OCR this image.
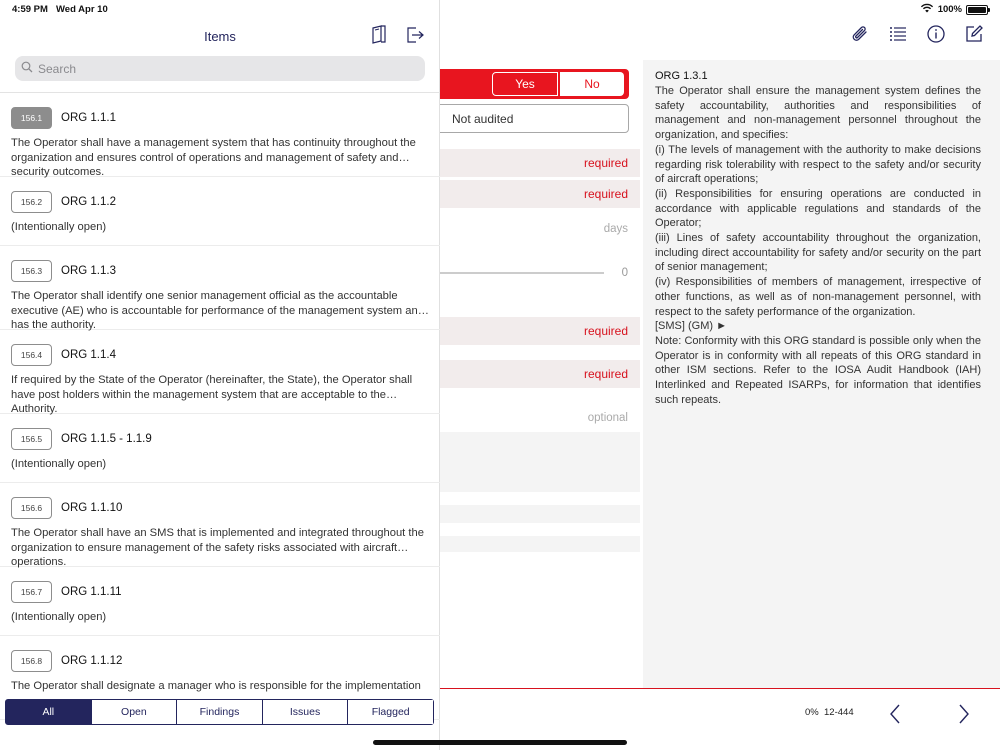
4:59 PM Wed Apr 10	100%
Yes	No
Not audited
required
required
days
0
required
required
optional
ORG 1.3.1
The Operator shall ensure the management system defines the safety accountability, authorities and responsibilities of management and non-management personnel throughout the organization, and specifies:
(i) The levels of management with the authority to make decisions regarding risk tolerability with respect to the safety and/or security of aircraft operations;
(ii) Responsibilities for ensuring operations are conducted in accordance with applicable regulations and standards of the Operator;
(iii) Lines of safety accountability throughout the organization, including direct accountability for safety and/or security on the part of senior management;
(iv) Responsibilities of members of management, irrespective of other functions, as well as of non-management personnel, with respect to the safety performance of the organization.
[SMS] (GM) ►
Note: Conformity with this ORG standard is possible only when the Operator is in conformity with all repeats of this ORG standard in other ISM sections. Refer to the IOSA Audit Handbook (IAH) Interlinked and Repeated ISARPs, for information that identifies such repeats.
0% 12-444
Items
Search
156.1	ORG 1.1.1
The Operator shall have a management system that has continuity throughout the organization and ensures control of operations and management of safety and security outcomes.
156.2	ORG 1.1.2
(Intentionally open)
156.3	ORG 1.1.3
The Operator shall identify one senior management official as the accountable executive (AE) who is accountable for performance of the management system and has the authority.
156.4	ORG 1.1.4
If required by the State of the Operator (hereinafter, the State), the Operator shall have post holders within the management system that are acceptable to the Authority.
156.5	ORG 1.1.5 - 1.1.9
(Intentionally open)
156.6	ORG 1.1.10
The Operator shall have an SMS that is implemented and integrated throughout the organization to ensure management of the safety risks associated with aircraft operations.
156.7	ORG 1.1.11
(Intentionally open)
156.8	ORG 1.1.12
The Operator shall designate a manager who is responsible for the implementation
All	Open	Findings	Issues	Flagged
